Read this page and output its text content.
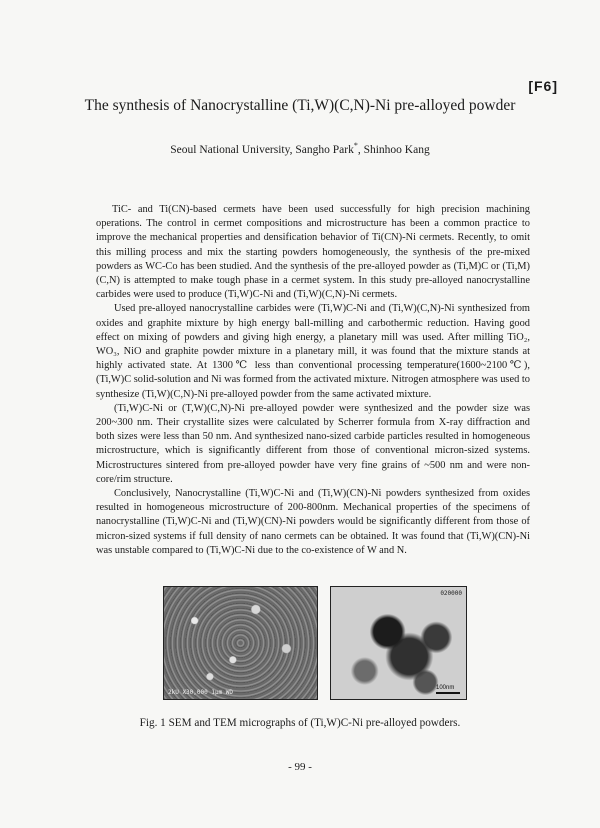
[F6]
The synthesis of Nanocrystalline (Ti,W)(C,N)-Ni pre-alloyed powder
Seoul National University, Sangho Park*, Shinhoo Kang

TiC- and Ti(CN)-based cermets have been used successfully for high precision machining operations. The control in cermet compositions and microstructure has been a common practice to improve the mechanical properties and densification behavior of Ti(CN)-Ni cermets. Recently, to omit this milling process and mix the starting powders homogeneously, the synthesis of the pre-mixed powders as WC-Co has been studied. And the synthesis of the pre-alloyed powder as (Ti,M)C or (Ti,M)(C,N) is attempted to make tough phase in a cermet system. In this study pre-alloyed nanocrystalline carbides were used to produce (Ti,W)C-Ni and (Ti,W)(C,N)-Ni cermets.

Used pre-alloyed nanocrystalline carbides were (Ti,W)C-Ni and (Ti,W)(C,N)-Ni synthesized from oxides and graphite mixture by high energy ball-milling and carbothermic reduction. Having good effect on mixing of powders and giving high energy, a planetary mill was used. After milling TiO₂, WO₃, NiO and graphite powder mixture in a planetary mill, it was found that the mixture stands at highly activated state. At 1300℃ less than conventional processing temperature(1600~2100℃), (Ti,W)C solid-solution and Ni was formed from the activated mixture. Nitrogen atmosphere was used to synthesize (Ti,W)(C,N)-Ni pre-alloyed powder from the same activated mixture.

(Ti,W)C-Ni or (T,W)(C,N)-Ni pre-alloyed powder were synthesized and the powder size was 200~300 nm. Their crystallite sizes were calculated by Scherrer formula from X-ray diffraction and both sizes were less than 50 nm. And synthesized nano-sized carbide particles resulted in homogeneous microstructure, which is significantly different from those of conventional micron-sized systems. Microstructures sintered from pre-alloyed powder have very fine grains of ~500 nm and were non-core/rim structure.

Conclusively, Nanocrystalline (Ti,W)C-Ni and (Ti,W)(CN)-Ni powders synthesized from oxides resulted in homogeneous microstructure of 200-800nm. Mechanical properties of the specimens of nanocrystalline (Ti,W)C-Ni and (Ti,W)(CN)-Ni powders would be significantly different from those of micron-sized systems if full density of nano cermets can be obtained. It was found that (Ti,W)(CN)-Ni was unstable compared to (Ti,W)C-Ni due to the co-existence of W and N.

2kU X30,000 1μm WD
020000
100nm
Fig. 1 SEM and TEM micrographs of (Ti,W)C-Ni pre-alloyed powders.
- 99 -
